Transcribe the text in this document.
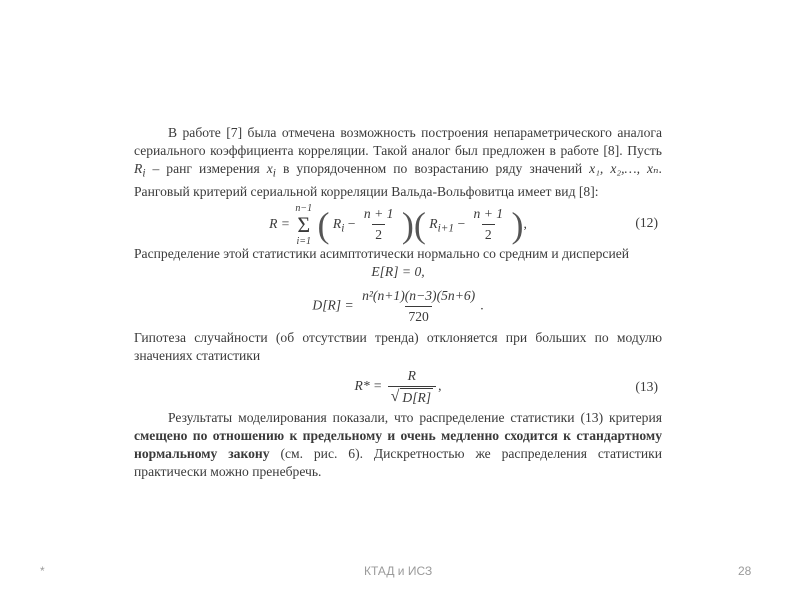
В работе [7] была отмечена возможность построения непараметрического аналога сериального коэффициента корреляции. Такой аналог был предложен в работе [8]. Пусть $R_i$ – ранг измерения $x_i$ в упорядоченном по возрастанию ряду значений x₁, x₂,…, xₙ. Ранговый критерий сериальной корреляции Вальда-Вольфовитца имеет вид [8]:

R =
n−1
Σ
i=1 ( $R_i - \frac{n + 1}{2}$ )( $R_{i+1} - \frac{n + 1}{2}$ ),	(12)

Распределение этой статистики асимптотически нормально со средним и дисперсией

E[R] = 0,
$D[R] = \frac{\text{n²(n+1)(n−3)(5n+6)}}{720}$ .

Гипотеза случайности (об отсутствии тренда) отклоняется при больших по модулю значениях статистики

$R* = \frac{R}{√ D[R]}$ ,	(13)

Результаты моделирования показали, что распределение статистики (13) критерия смещено по отношению к предельному и очень медленно сходится к стандартному нормальному закону (см. рис. 6). Дискретностью же распределения статистики практически можно пренебречь.

*	КТАД и ИСЗ	28
